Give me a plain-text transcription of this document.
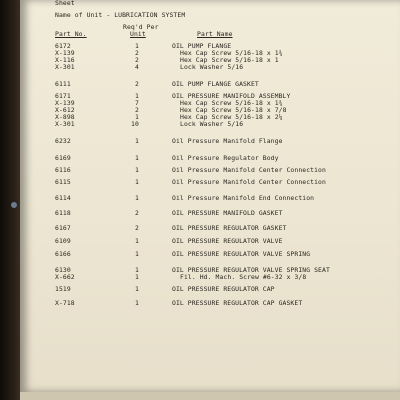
Sheet
Name of Unit - LUBRICATION SYSTEM
Req'd Per
Part No.	Unit	Part Name
6172	1	OIL PUMP FLANGE
X-139	2	Hex Cap Screw 5/16-18 x 1¾
X-116	2	Hex Cap Screw 5/16-18 x 1
X-301	4	Lock Washer 5/16
6111	2	OIL PUMP FLANGE GASKET
6171	1	OIL PRESSURE MANIFOLD ASSEMBLY
X-139	7	Hex Cap Screw 5/16-18 x 1¾
X-612	2	Hex Cap Screw 5/16-18 x 7/8
X-898	1	Hex Cap Screw 5/16-18 x 2¼
X-301	10	Lock Washer 5/16
6232	1	Oil Pressure Manifold Flange
6169	1	Oil Pressure Regulator Body
6116	1	Oil Pressure Manifold Center Connection
6115	1	Oil Pressure Manifold Center Connection
6114	1	Oil Pressure Manifold End Connection
6118	2	OIL PRESSURE MANIFOLD GASKET
6167	2	OIL PRESSURE REGULATOR GASKET
6109	1	OIL PRESSURE REGULATOR VALVE
6166	1	OIL PRESSURE REGULATOR VALVE SPRING
6130	1	OIL PRESSURE REGULATOR VALVE SPRING SEAT
X-662	1	Fil. Hd. Mach. Screw #6-32 x 3/8
1519	1	OIL PRESSURE REGULATOR CAP
X-718	1	OIL PRESSURE REGULATOR CAP GASKET
